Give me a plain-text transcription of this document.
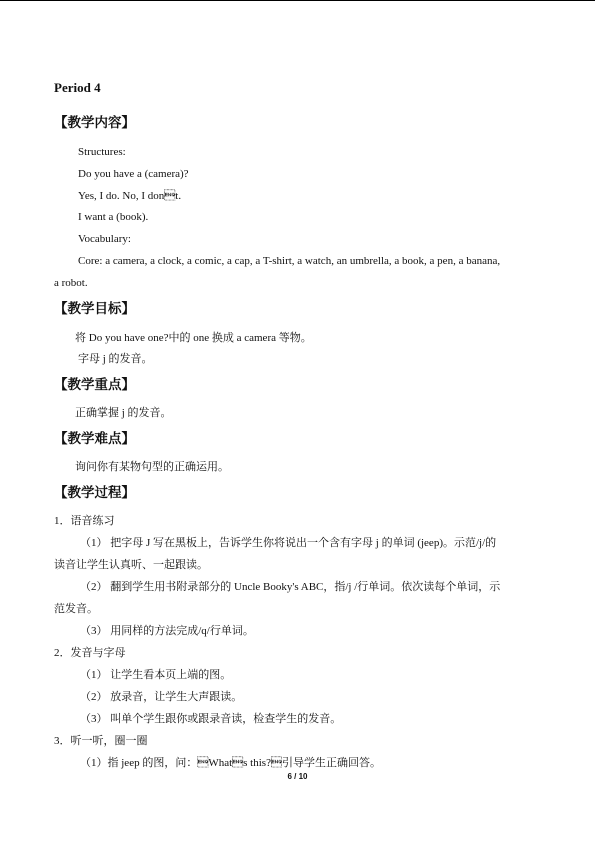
Period 4
【教学内容】
Structures:
Do you have a (camera)?
Yes, I do. No, I dont.
I want a (book).
Vocabulary:
Core: a camera, a clock, a comic, a cap, a T-shirt, a watch, an umbrella, a book, a pen, a banana,
a robot.
【教学目标】
将 Do you have one?中的 one 换成 a camera 等物。
字母 j 的发音。
【教学重点】
正确掌握 j 的发音。
【教学难点】
询问你有某物句型的正确运用。
【教学过程】
1．语音练习
（1） 把字母 J 写在黑板上，告诉学生你将说出一个含有字母 j 的单词 (jeep)。示范/j/的
读音让学生认真听、一起跟读。
（2） 翻到学生用书附录部分的 Uncle Booky's ABC，指/j /行单词。依次读每个单词，示
范发音。
（3） 用同样的方法完成/q/行单词。
2．发音与字母
（1） 让学生看本页上端的图。
（2） 放录音，让学生大声跟读。
（3） 叫单个学生跟你或跟录音读，检查学生的发音。
3．听一听，圈一圈
（1）指 jeep 的图，问：Whats this?引导学生正确回答。
6 / 10
